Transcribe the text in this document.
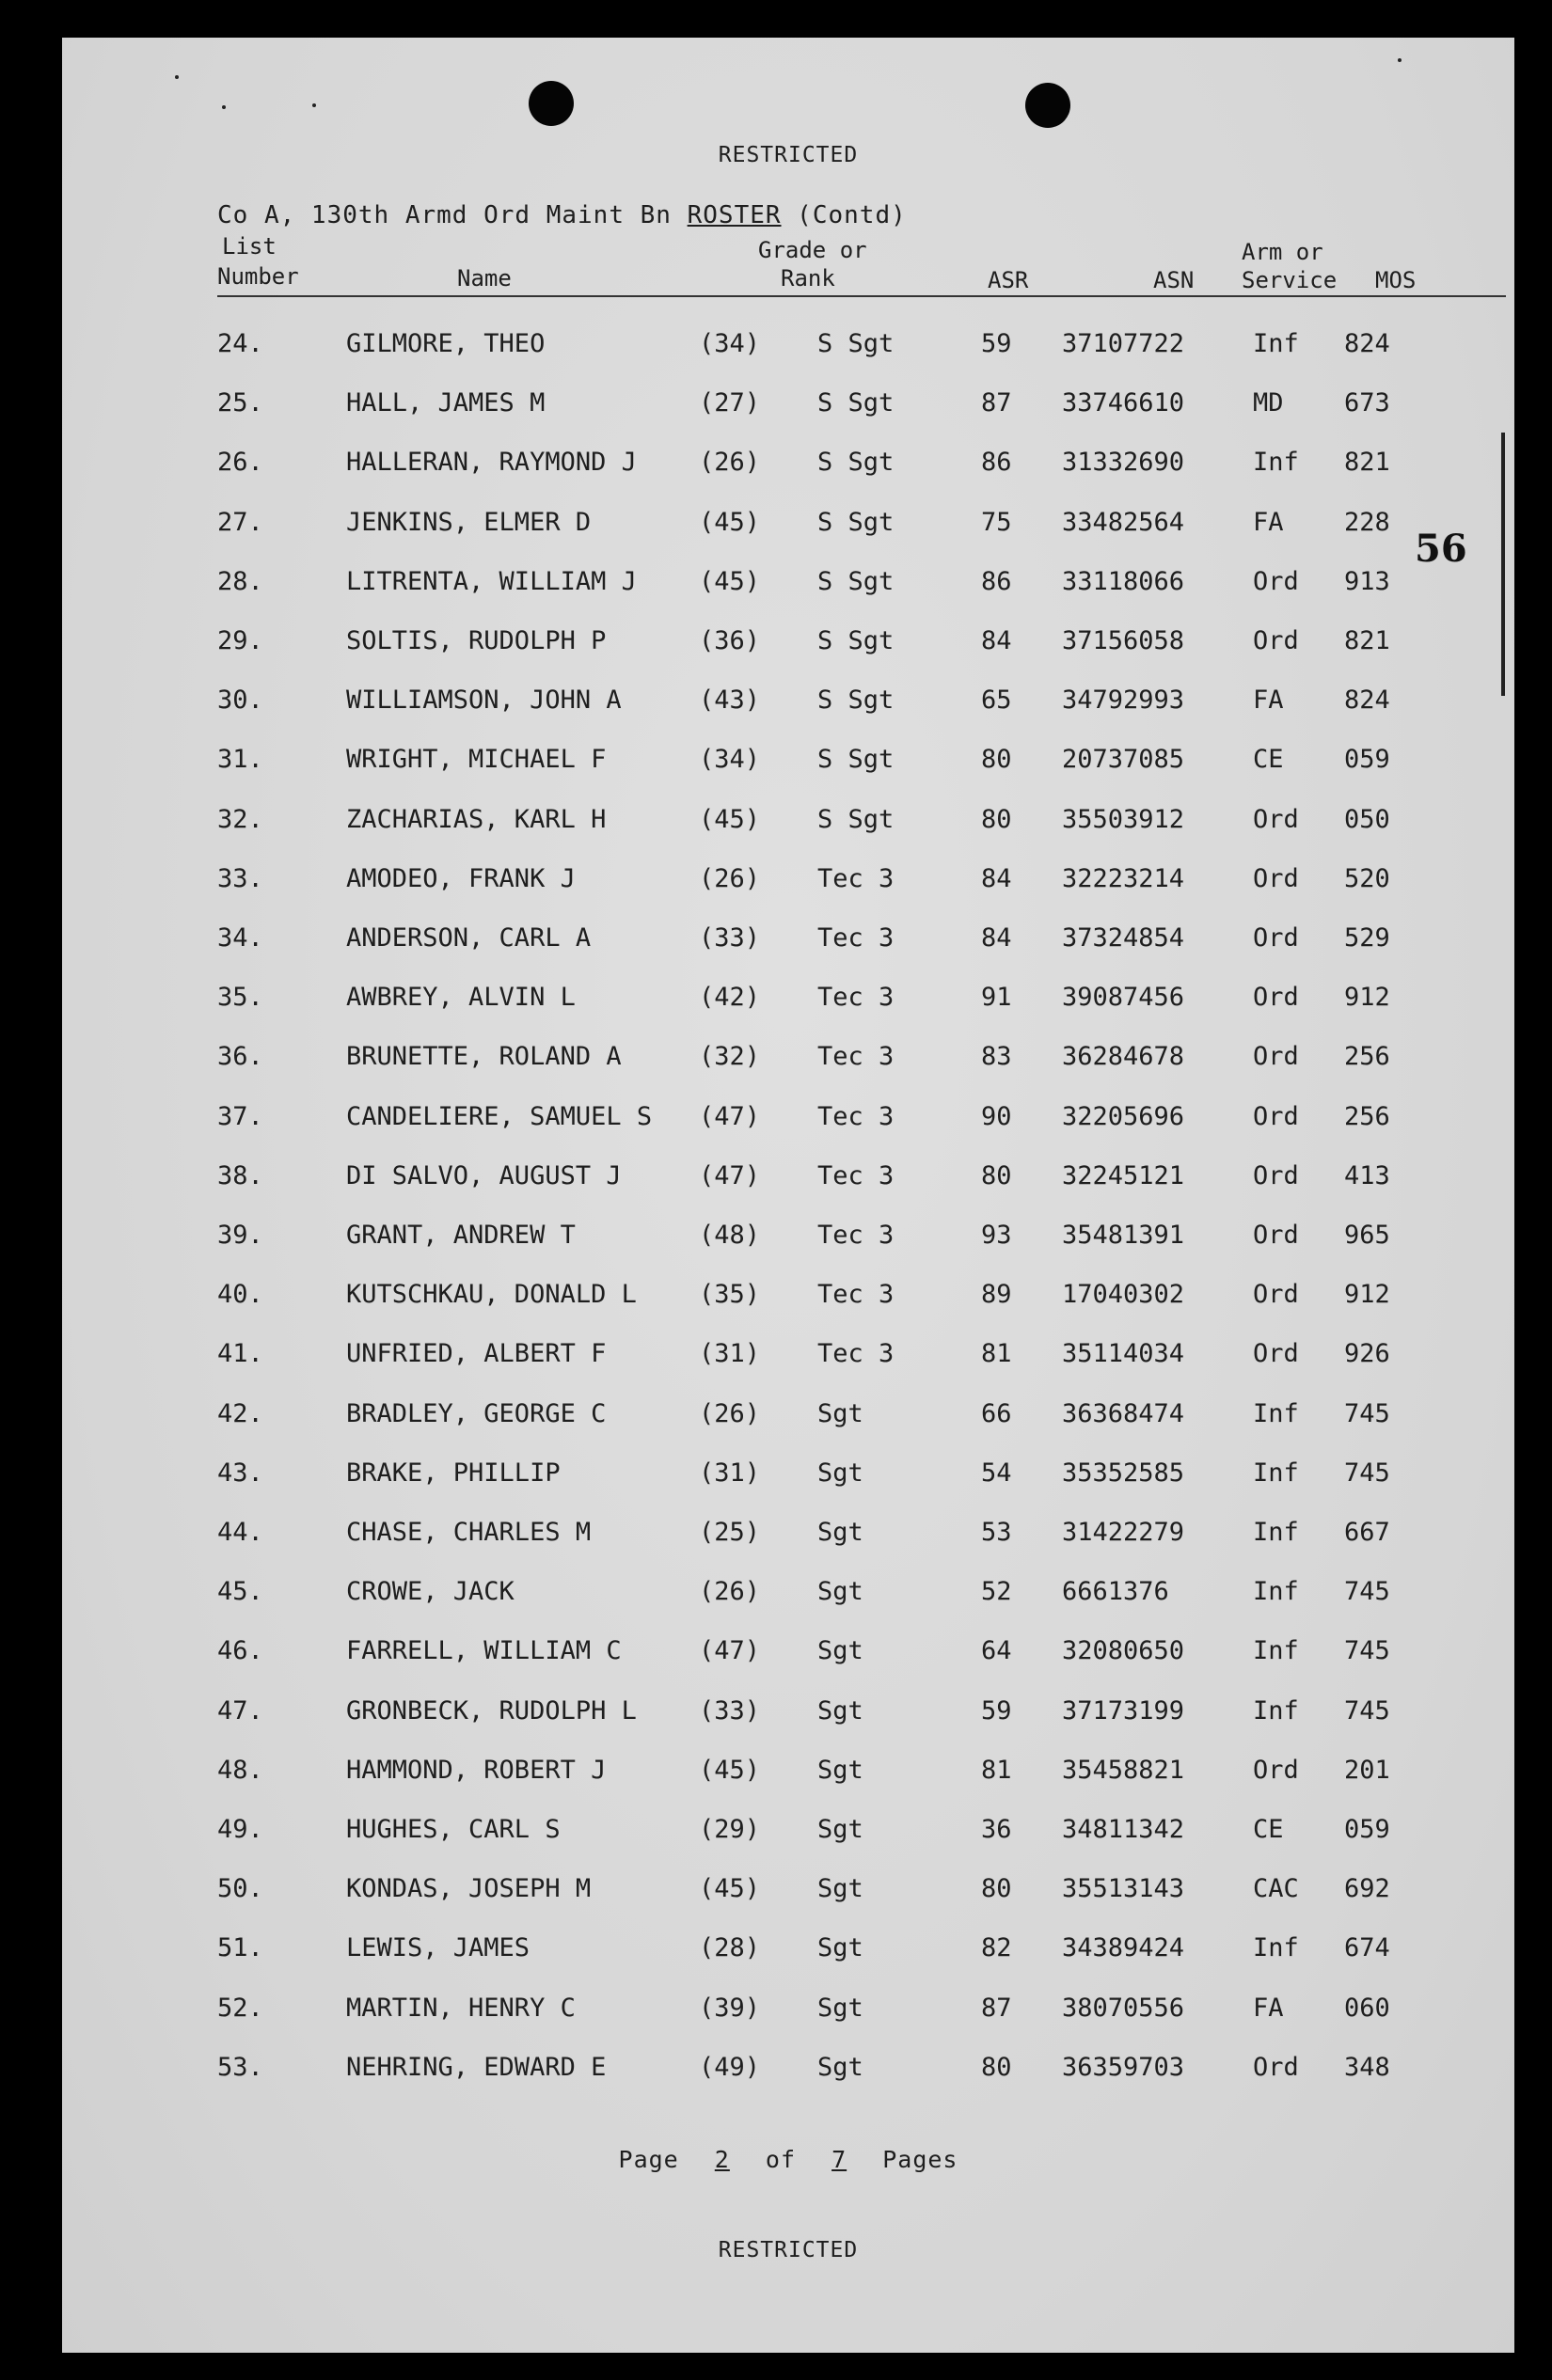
RESTRICTED
Co A, 130th Armd Ord Maint Bn ROSTER (Contd)
List
Number	Name
Grade or
Rank	ASR	ASN
Arm or
Service MOS
24.	GILMORE, THEO	(34) S Sgt	59 37107722	Inf 824
25.	HALL, JAMES M	(27) S Sgt	87 33746610	MD 673
26.	HALLERAN, RAYMOND J (26) S Sgt	86 31332690	Inf 821
27.	JENKINS, ELMER D	(45) S Sgt	75 33482564	FA 228
28.	LITRENTA, WILLIAM J (45) S Sgt	86 33118066	Ord 913
29.	SOLTIS, RUDOLPH P	(36) S Sgt	84 37156058	Ord 821
30.	WILLIAMSON, JOHN A	(43) S Sgt	65 34792993	FA 824
31.	WRIGHT, MICHAEL F	(34) S Sgt	80 20737085	CE 059
32.	ZACHARIAS, KARL H	(45) S Sgt	80 35503912	Ord 050
33.	AMODEO, FRANK J	(26) Tec 3	84 32223214	Ord 520
34.	ANDERSON, CARL A	(33) Tec 3	84 37324854	Ord 529
35.	AWBREY, ALVIN L	(42) Tec 3	91 39087456	Ord 912
36.	BRUNETTE, ROLAND A	(32) Tec 3	83 36284678	Ord 256
37.	CANDELIERE, SAMUEL S (47) Tec 3	90 32205696	Ord 256
38.	DI SALVO, AUGUST J	(47) Tec 3	80 32245121	Ord 413
39.	GRANT, ANDREW T	(48) Tec 3	93 35481391	Ord 965
40.	KUTSCHKAU, DONALD L (35) Tec 3	89 17040302	Ord 912
41.	UNFRIED, ALBERT F	(31) Tec 3	81 35114034	Ord 926
42.	BRADLEY, GEORGE C	(26) Sgt	66 36368474	Inf 745
43.	BRAKE, PHILLIP	(31) Sgt	54 35352585	Inf 745
44.	CHASE, CHARLES M	(25) Sgt	53 31422279	Inf 667
45.	CROWE, JACK	(26) Sgt	52 6661376	Inf 745
46.	FARRELL, WILLIAM C	(47) Sgt	64 32080650	Inf 745
47.	GRONBECK, RUDOLPH L (33) Sgt	59 37173199	Inf 745
48.	HAMMOND, ROBERT J	(45) Sgt	81 35458821	Ord 201
49.	HUGHES, CARL S	(29) Sgt	36 34811342	CE 059
50.	KONDAS, JOSEPH M	(45) Sgt	80 35513143	CAC 692
51.	LEWIS, JAMES	(28) Sgt	82 34389424	Inf 674
52.	MARTIN, HENRY C	(39) Sgt	87 38070556	FA 060
53.	NEHRING, EDWARD E	(49) Sgt	80 36359703	Ord 348
Page 2 of 7 Pages
RESTRICTED
56
